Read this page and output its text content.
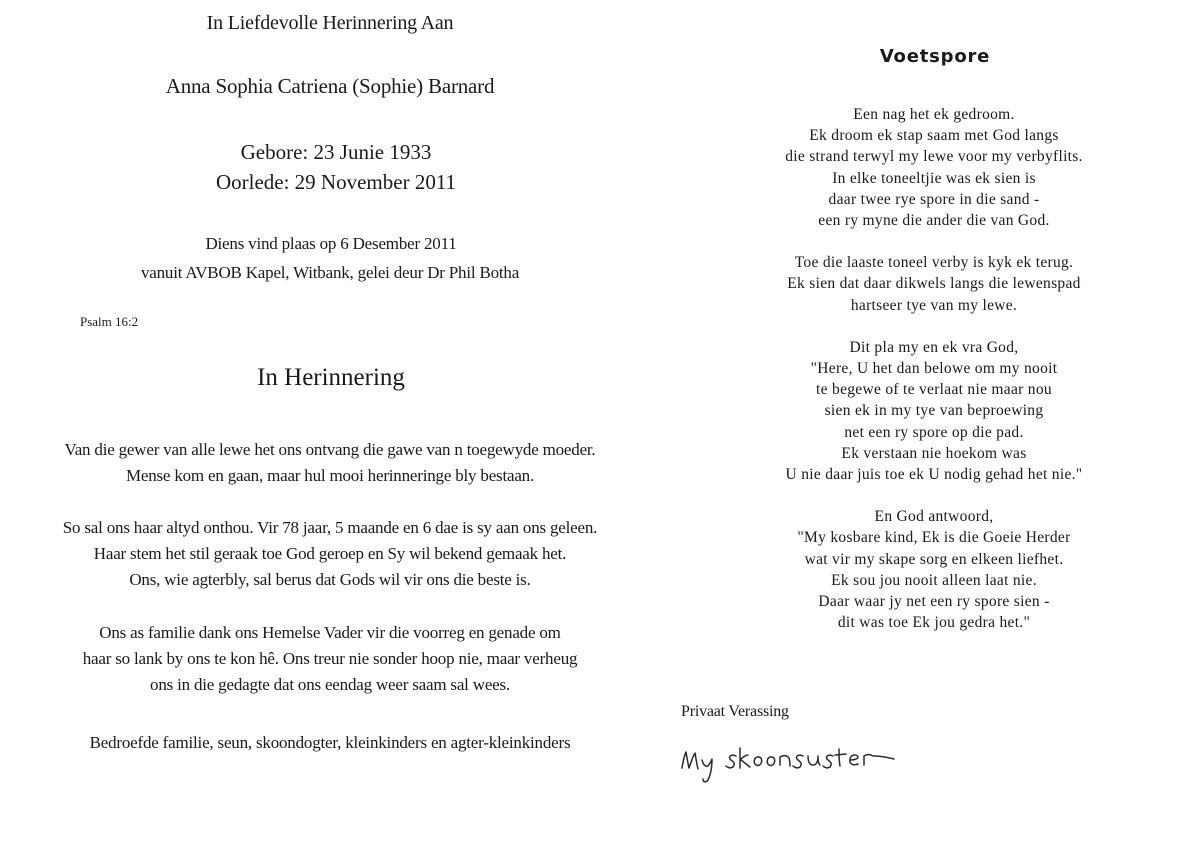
In Liefdevolle Herinnering Aan
Anna Sophia Catriena (Sophie) Barnard
Gebore: 23 Junie 1933
Oorlede: 29 November 2011
Diens vind plaas op 6 Desember 2011
vanuit AVBOB Kapel, Witbank, gelei deur Dr Phil Botha
Psalm 16:2
In Herinnering
Van die gewer van alle lewe het ons ontvang die gawe van n toegewyde moeder.
Mense kom en gaan, maar hul mooi herinneringe bly bestaan.
So sal ons haar altyd onthou. Vir 78 jaar, 5 maande en 6 dae is sy aan ons geleen.
Haar stem het stil geraak toe God geroep en Sy wil bekend gemaak het.
Ons, wie agterbly, sal berus dat Gods wil vir ons die beste is.
Ons as familie dank ons Hemelse Vader vir die voorreg en genade om
haar so lank by ons te kon hê. Ons treur nie sonder hoop nie, maar verheug
ons in die gedagte dat ons eendag weer saam sal wees.
Bedroefde familie, seun, skoondogter, kleinkinders en agter-kleinkinders
Voetspore

Een nag het ek gedroom.

Ek droom ek stap saam met God langs

die strand terwyl my lewe voor my verbyflits.

In elke toneeltjie was ek sien is

daar twee rye spore in die sand -

een ry myne die ander die van God.

Toe die laaste toneel verby is kyk ek terug.

Ek sien dat daar dikwels langs die lewenspad

hartseer tye van my lewe.

Dit pla my en ek vra God,

"Here, U het dan belowe om my nooit

te begewe of te verlaat nie maar nou

sien ek in my tye van beproewing

net een ry spore op die pad.

Ek verstaan nie hoekom was

U nie daar juis toe ek U nodig gehad het nie."

En God antwoord,

"My kosbare kind, Ek is die Goeie Herder

wat vir my skape sorg en elkeen liefhet.

Ek sou jou nooit alleen laat nie.

Daar waar jy net een ry spore sien -

dit was toe Ek jou gedra het."

Privaat Verassing
